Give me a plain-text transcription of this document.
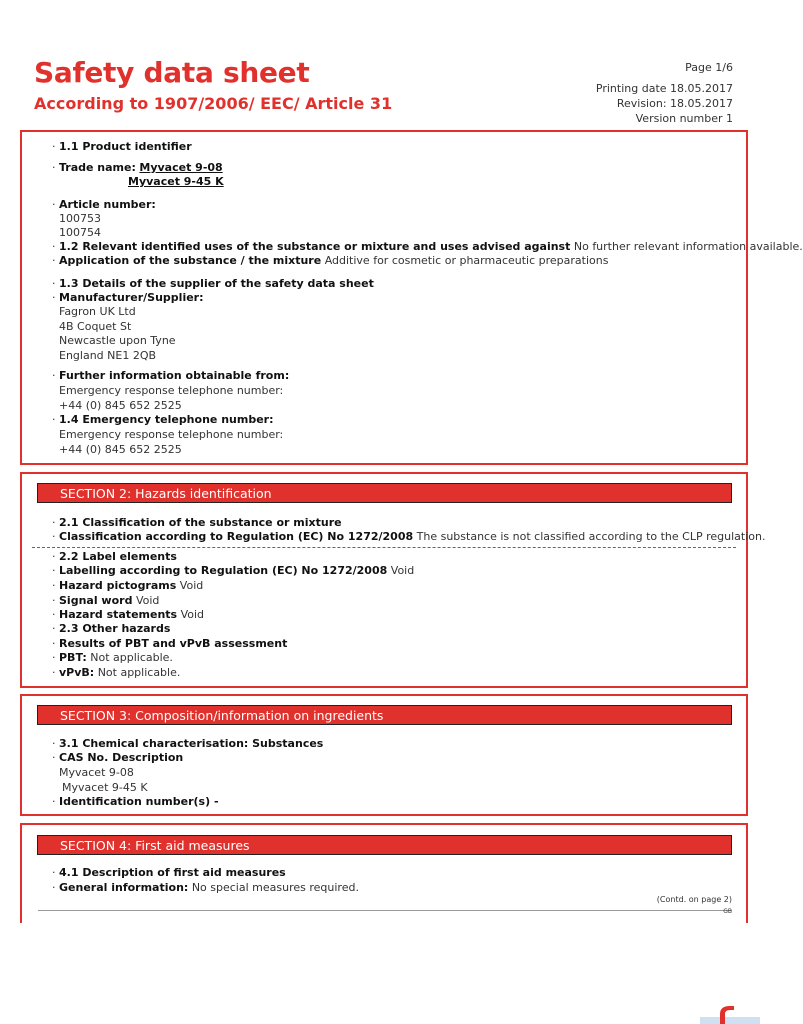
Safety data sheet
According to 1907/2006/ EEC/ Article 31
Page 1/6
Printing date 18.05.2017
Revision: 18.05.2017
Version number 1
· 1.1 Product identifier
· Trade name: Myvacet 9-08
Myvacet 9-45 K
· Article number:
100753
100754
· 1.2 Relevant identified uses of the substance or mixture and uses advised against No further relevant information available.
· Application of the substance / the mixture Additive for cosmetic or pharmaceutic preparations
· 1.3 Details of the supplier of the safety data sheet
· Manufacturer/Supplier:
Fagron UK Ltd
4B Coquet St
Newcastle upon Tyne
England NE1 2QB
· Further information obtainable from:
Emergency response telephone number:
+44 (0) 845 652 2525
· 1.4 Emergency telephone number:
Emergency response telephone number:
+44 (0) 845 652 2525
SECTION 2: Hazards identification
· 2.1 Classification of the substance or mixture
· Classification according to Regulation (EC) No 1272/2008 The substance is not classified according to the CLP regulation.
· 2.2 Label elements
· Labelling according to Regulation (EC) No 1272/2008 Void
· Hazard pictograms Void
· Signal word Void
· Hazard statements Void
· 2.3 Other hazards
· Results of PBT and vPvB assessment
· PBT: Not applicable.
· vPvB: Not applicable.
SECTION 3: Composition/information on ingredients
· 3.1 Chemical characterisation: Substances
· CAS No. Description
Myvacet 9-08
Myvacet 9-45 K
· Identification number(s) -
SECTION 4: First aid measures
· 4.1 Description of first aid measures
· General information: No special measures required.
(Contd. on page 2)
GB
